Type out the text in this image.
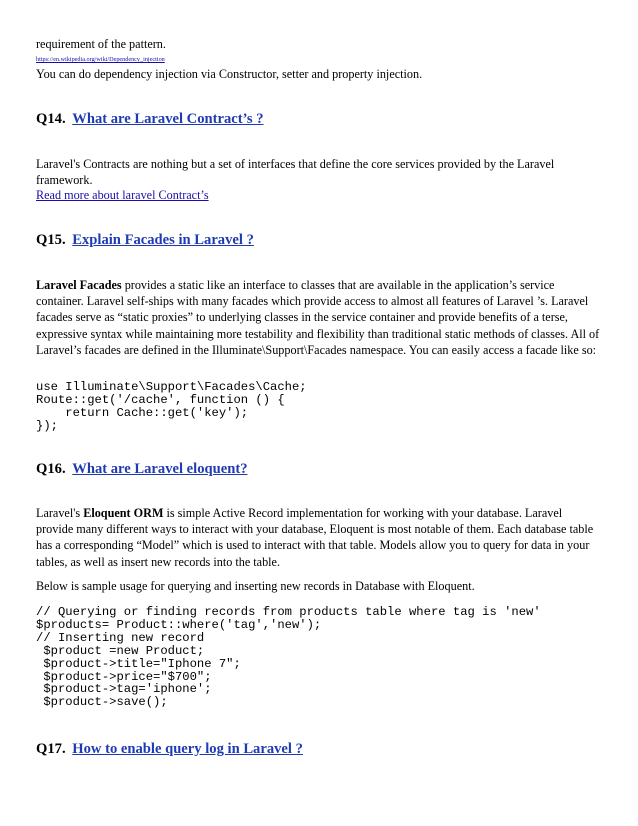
requirement of the pattern.

https://en.wikipedia.org/wiki/Dependency_injection

You can do dependency injection via Constructor, setter and property injection.

Q14. What are Laravel Contract’s ?

Laravel's Contracts are nothing but a set of interfaces that define the core services provided by the Laravel framework.

Read more about laravel Contract’s
Q15. Explain Facades in Laravel ?

Laravel Facades provides a static like an interface to classes that are available in the application’s service container. Laravel self-ships with many facades which provide access to almost all features of Laravel ’s. Laravel facades serve as “static proxies” to underlying classes in the service container and provide benefits of a terse, expressive syntax while maintaining more testability and flexibility than traditional static methods of classes. All of Laravel’s facades are defined in the Illuminate\Support\Facades namespace. You can easily access a facade like so:

use Illuminate\Support\Facades\Cache;
Route::get('/cache', function () {
return Cache::get('key');
});
Q16. What are Laravel eloquent?

Laravel's Eloquent ORM is simple Active Record implementation for working with your database. Laravel provide many different ways to interact with your database, Eloquent is most notable of them. Each database table has a corresponding “Model” which is used to interact with that table. Models allow you to query for data in your tables, as well as insert new records into the table.

Below is sample usage for querying and inserting new records in Database with Eloquent.

// Querying or finding records from products table where tag is 'new'
$products= Product::where('tag','new');
// Inserting new record
$product =new Product;
$product->title="Iphone 7";
$product->price="$700";
$product->tag='iphone';
$product->save();
Q17. How to enable query log in Laravel ?
